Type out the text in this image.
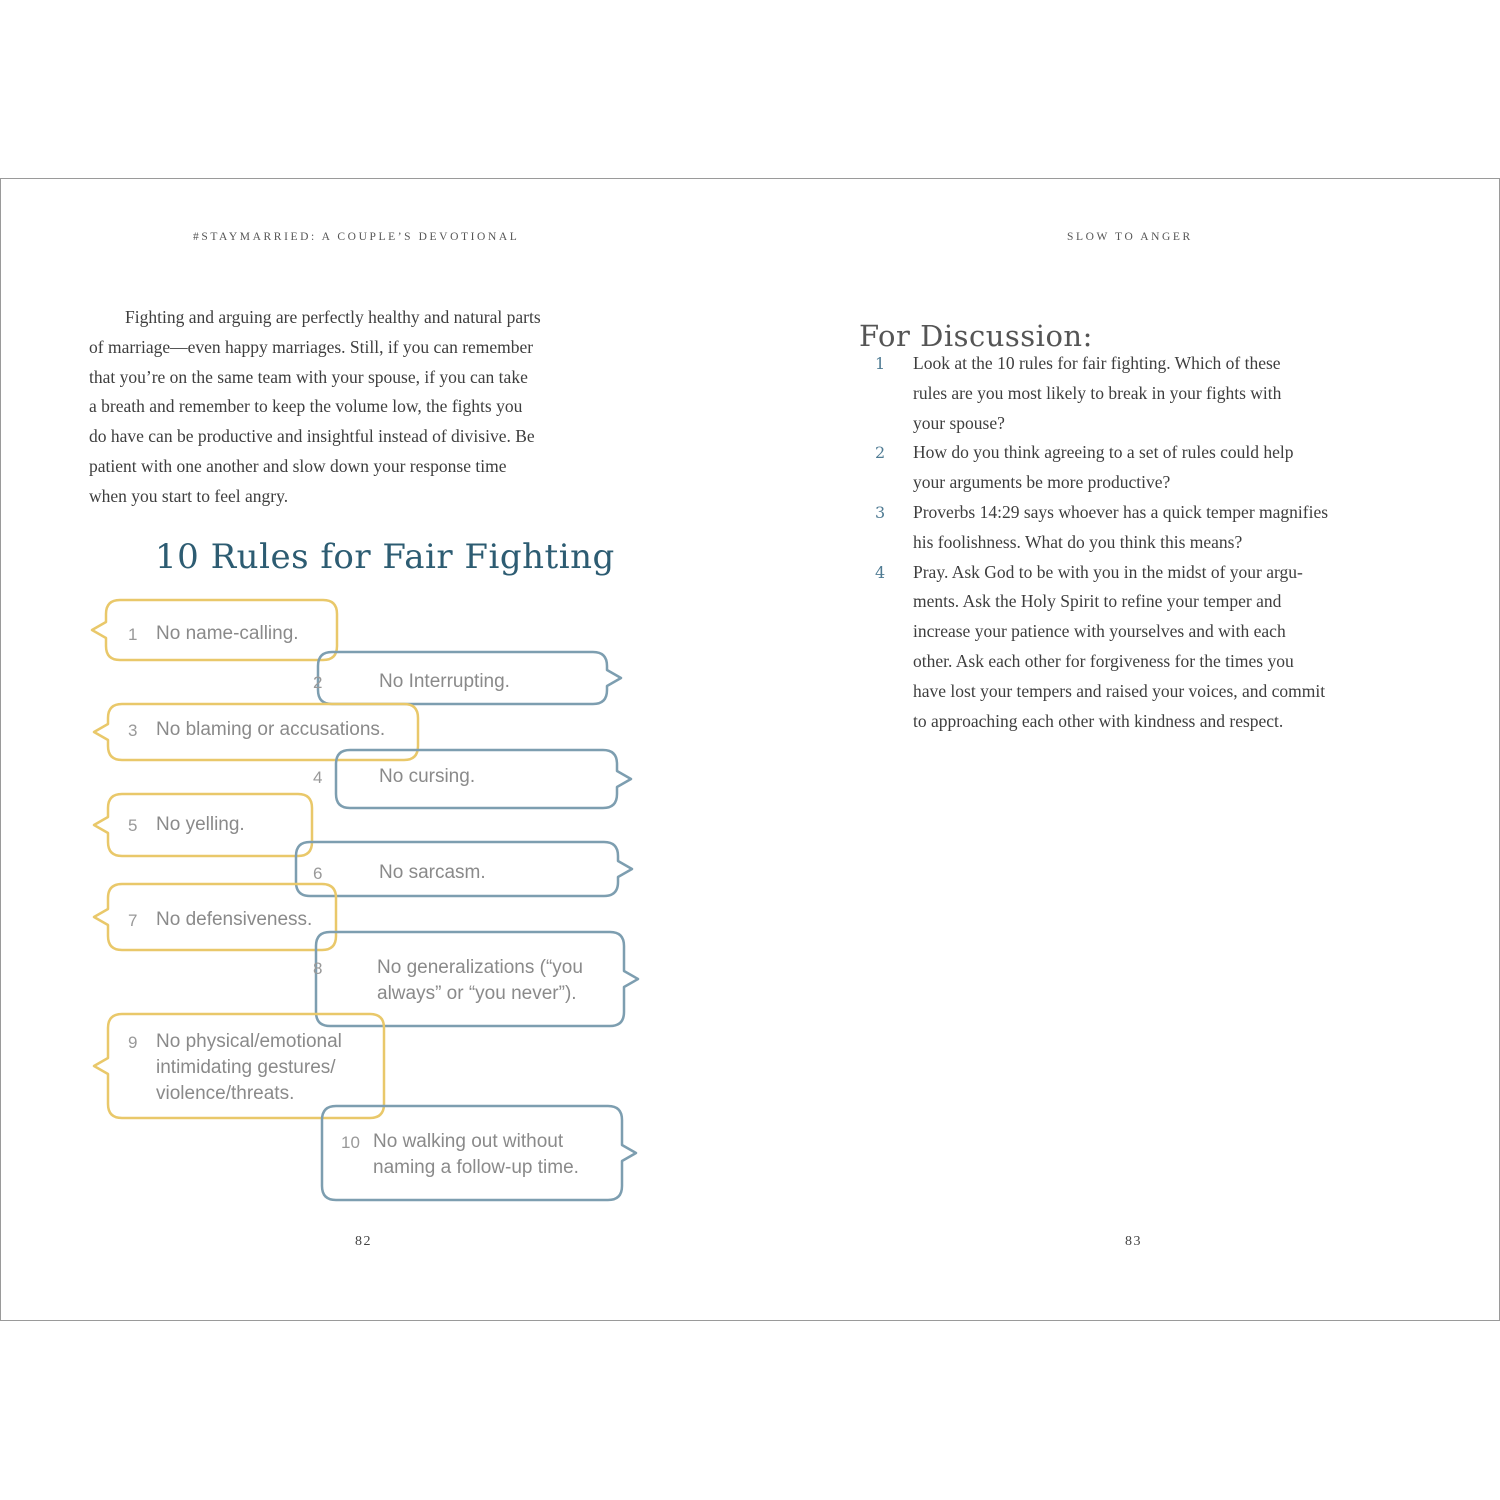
#STAYMARRIED: A COUPLE’S DEVOTIONAL	SLOW TO ANGER

Fighting and arguing are perfectly healthy and natural parts
of marriage—even happy marriages. Still, if you can remember
that you’re on the same team with your spouse, if you can take
a breath and remember to keep the volume low, the fights you
do have can be productive and insightful instead of divisive. Be
patient with one another and slow down your response time
when you start to feel angry.

10 Rules for Fair Fighting
For Discussion:
1 Look at the 10 rules for fair fighting. Which of these
rules are you most likely to break in your fights with
your spouse?
2 How do you think agreeing to a set of rules could help
your arguments be more productive?
3 Proverbs 14:29 says whoever has a quick temper magnifies
his foolishness. What do you think this means?
4 Pray. Ask God to be with you in the midst of your argu-
ments. Ask the Holy Spirit to refine your temper and
increase your patience with yourselves and with each
other. Ask each other for forgiveness for the times you
have lost your tempers and raised your voices, and commit
to approaching each other with kindness and respect.
82	83
1 No name-calling.
2	No Interrupting.
3 No blaming or accusations.
4	No cursing.
5 No yelling.
6	No sarcasm.
7 No defensiveness.
8	No generalizations (“you
always” or “you never”).
9 No physical/emotional
intimidating gestures/
violence/threats.
10 No walking out without
naming a follow-up time.
